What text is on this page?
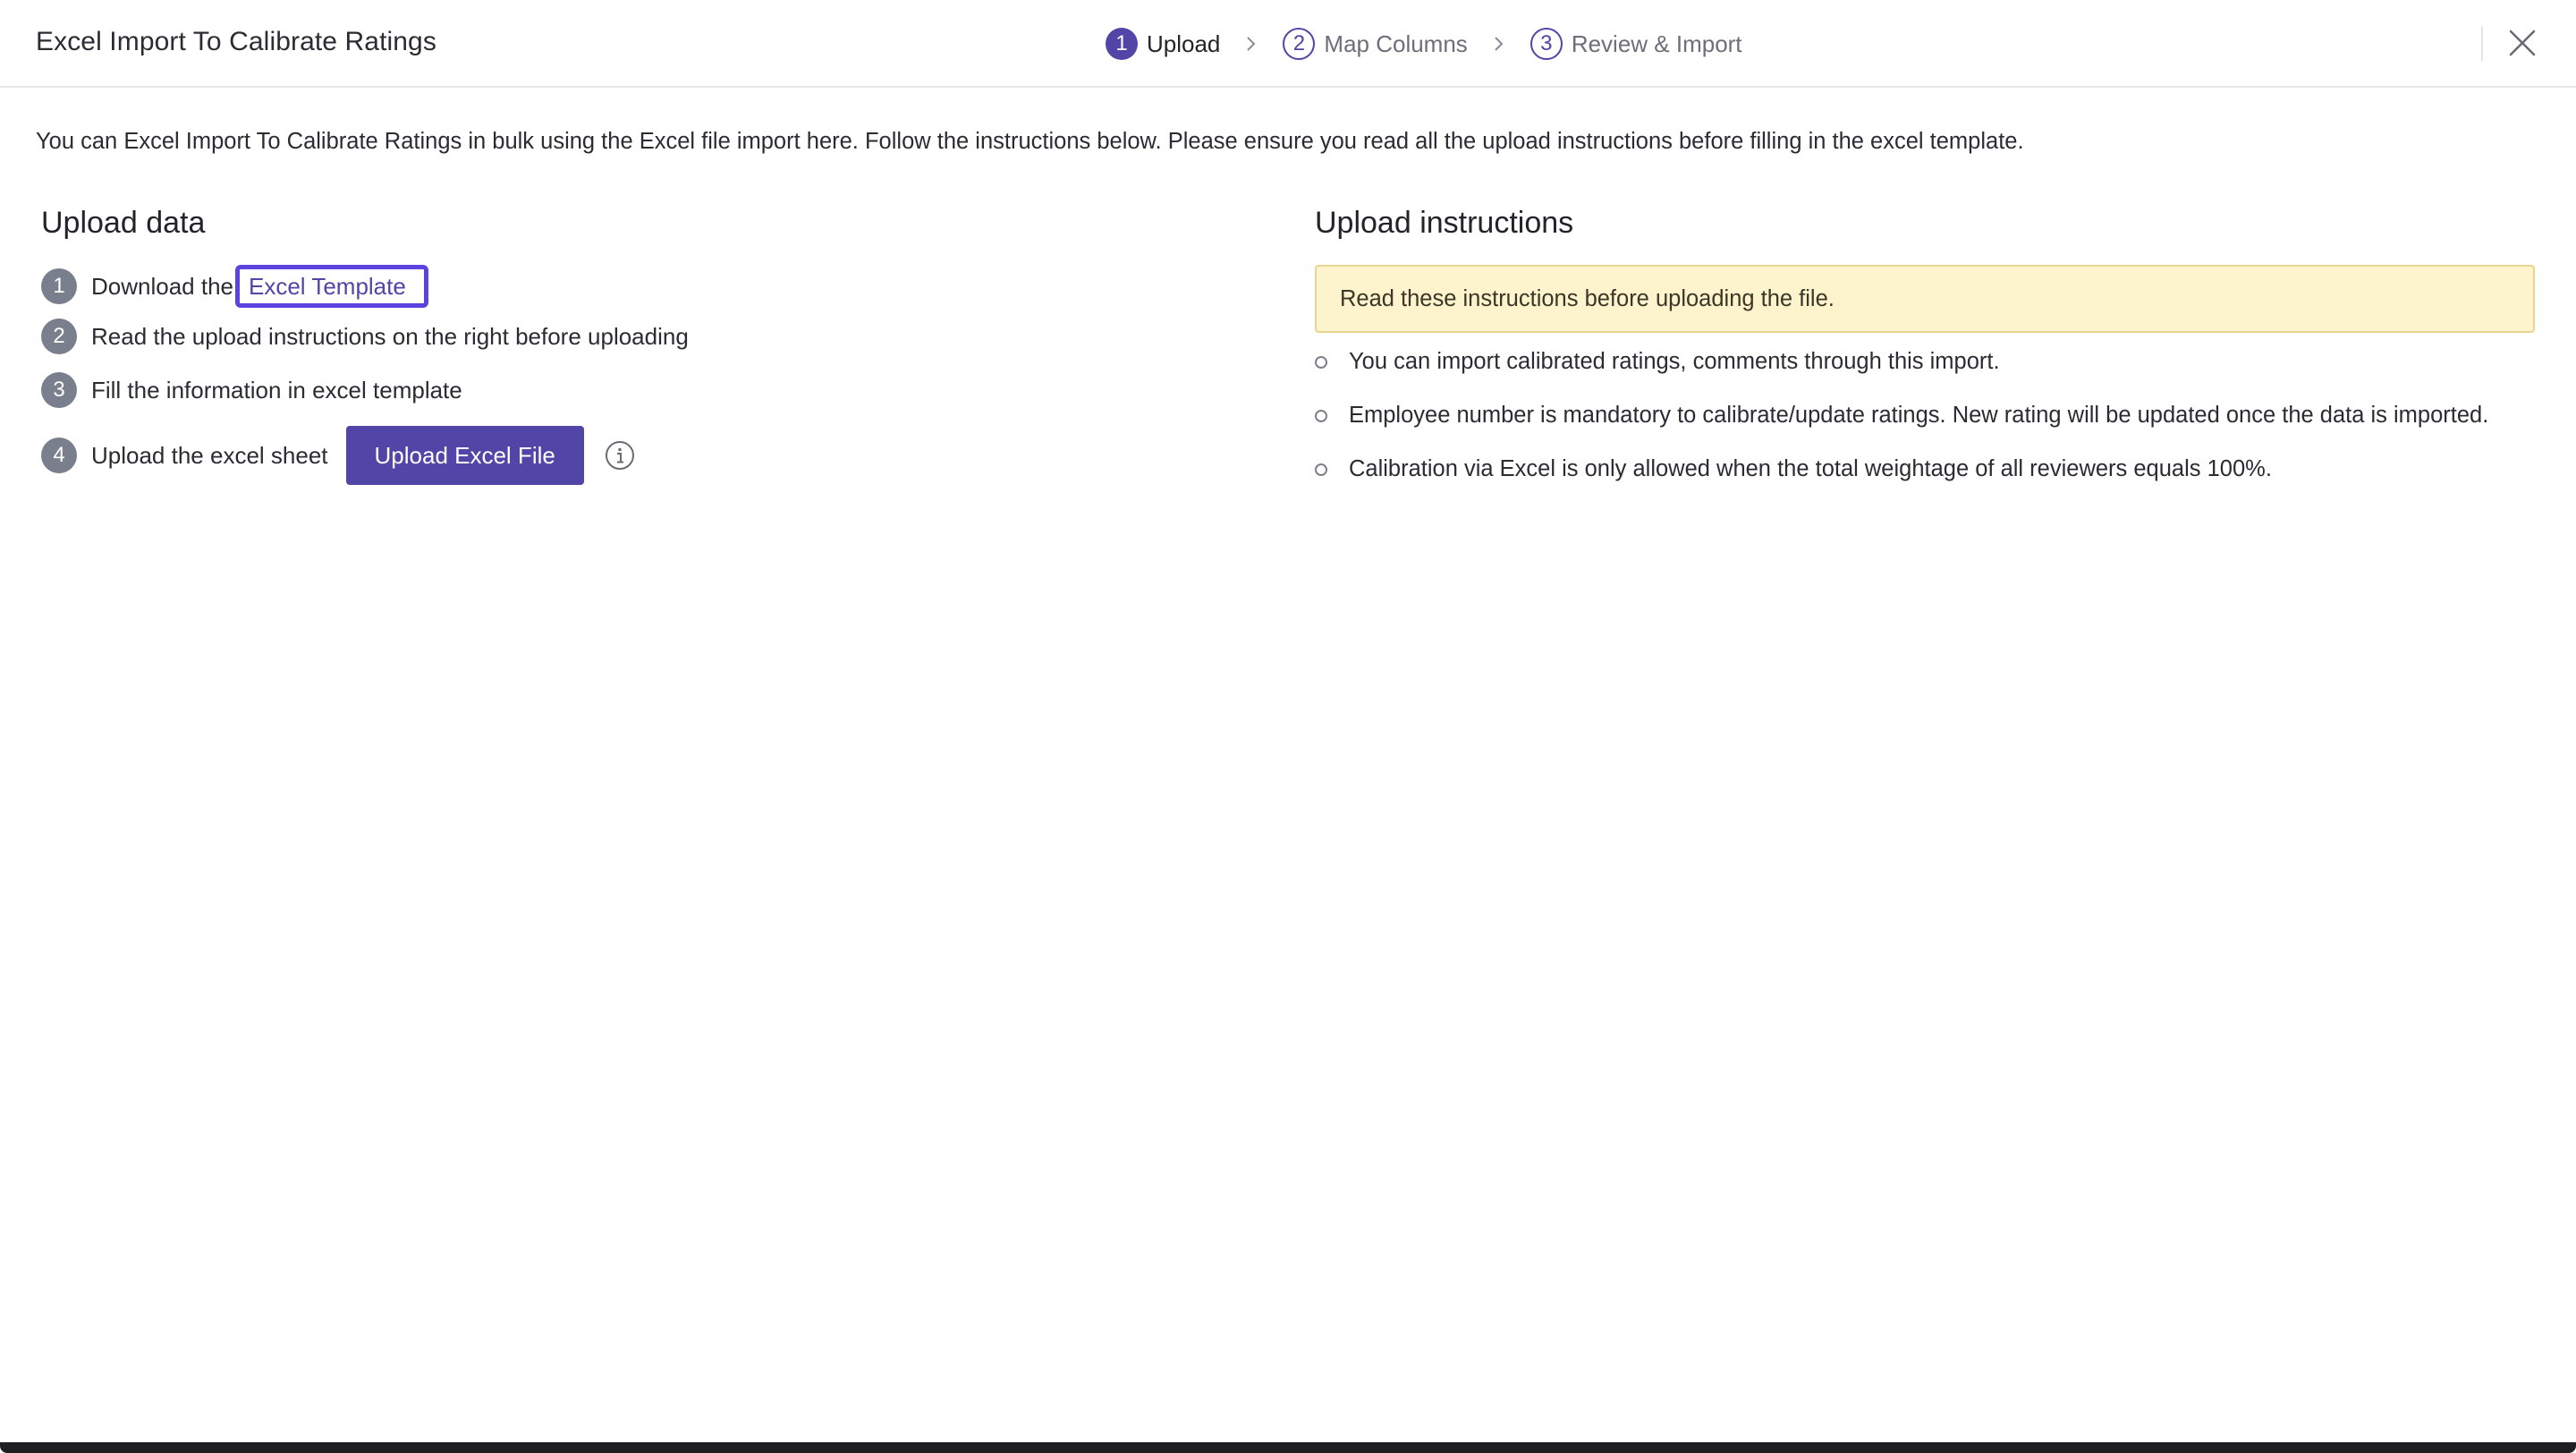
Excel Import To Calibrate Ratings	1 Upload	2 Map Columns	3 Review & Import
You can Excel Import To Calibrate Ratings in bulk using the Excel file import here. Follow the instructions below. Please ensure you read all the upload instructions before filling in the excel template.
Upload data
1	Download the Excel Template
2	Read the upload instructions on the right before uploading
3	Fill the information in excel template
4	Upload the excel sheet	Upload Excel File
Upload instructions
Read these instructions before uploading the file.
You can import calibrated ratings, comments through this import.
Employee number is mandatory to calibrate/update ratings. New rating will be updated once the data is imported.
Calibration via Excel is only allowed when the total weightage of all reviewers equals 100%.
